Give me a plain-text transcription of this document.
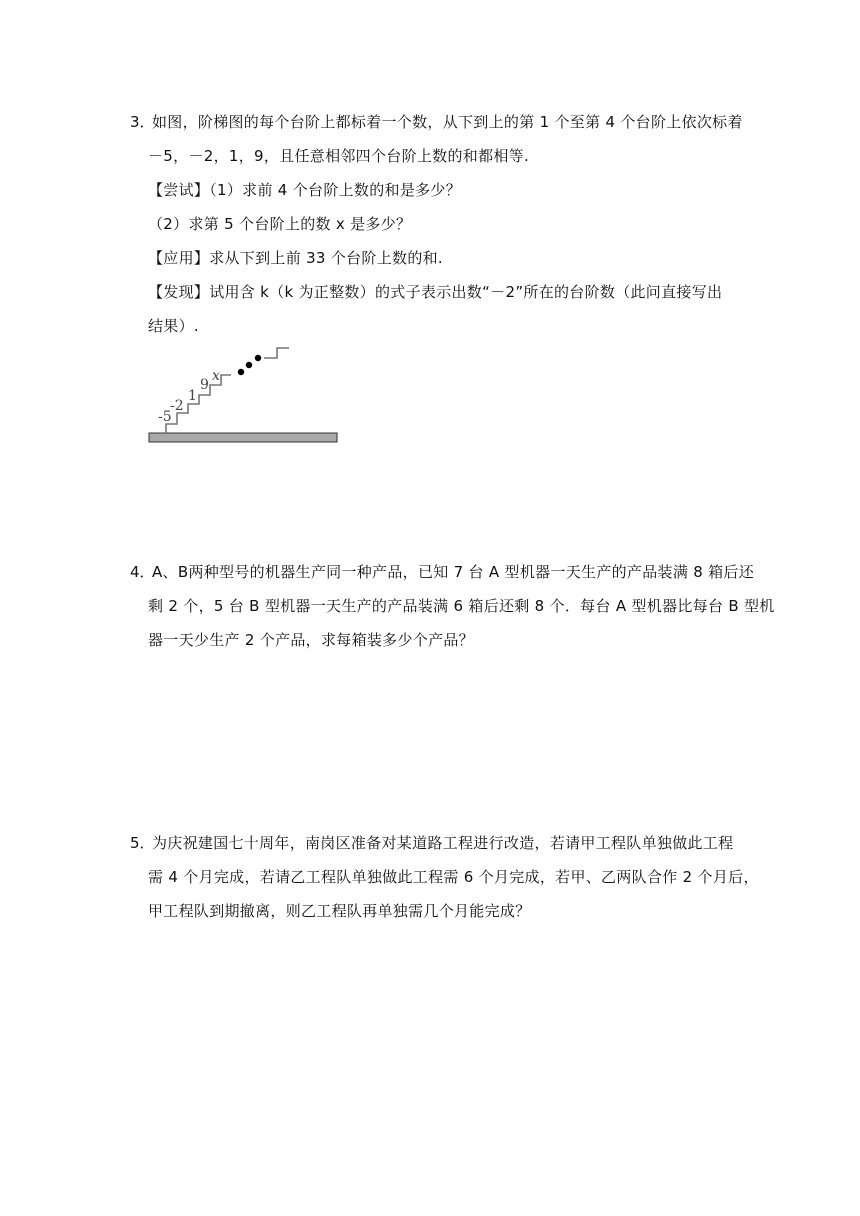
3．
如图，阶梯图的每个台阶上都标着一个数，从下到上的第 1 个至第 4 个台阶上依次标着
－5，－2，1，9，且任意相邻四个台阶上数的和都相等.
【尝试】（1）求前 4 个台阶上数的和是多少？
（2）求第 5 个台阶上的数 x 是多少？
【应用】求从下到上前 33 个台阶上数的和.
【发现】试用含 k（k 为正整数）的式子表示出数“－2”所在的台阶数（此问直接写出
结果）.
-5
-2
1
9
x
4．
A、B两种型号的机器生产同一种产品，已知 7 台 A 型机器一天生产的产品装满 8 箱后还
剩 2 个，5 台 B 型机器一天生产的产品装满 6 箱后还剩 8 个．每台 A 型机器比每台 B 型机
器一天少生产 2 个产品，求每箱装多少个产品？
5．
为庆祝建国七十周年，南岗区准备对某道路工程进行改造，若请甲工程队单独做此工程
需 4 个月完成，若请乙工程队单独做此工程需 6 个月完成，若甲、乙两队合作 2 个月后，
甲工程队到期撤离，则乙工程队再单独需几个月能完成？
